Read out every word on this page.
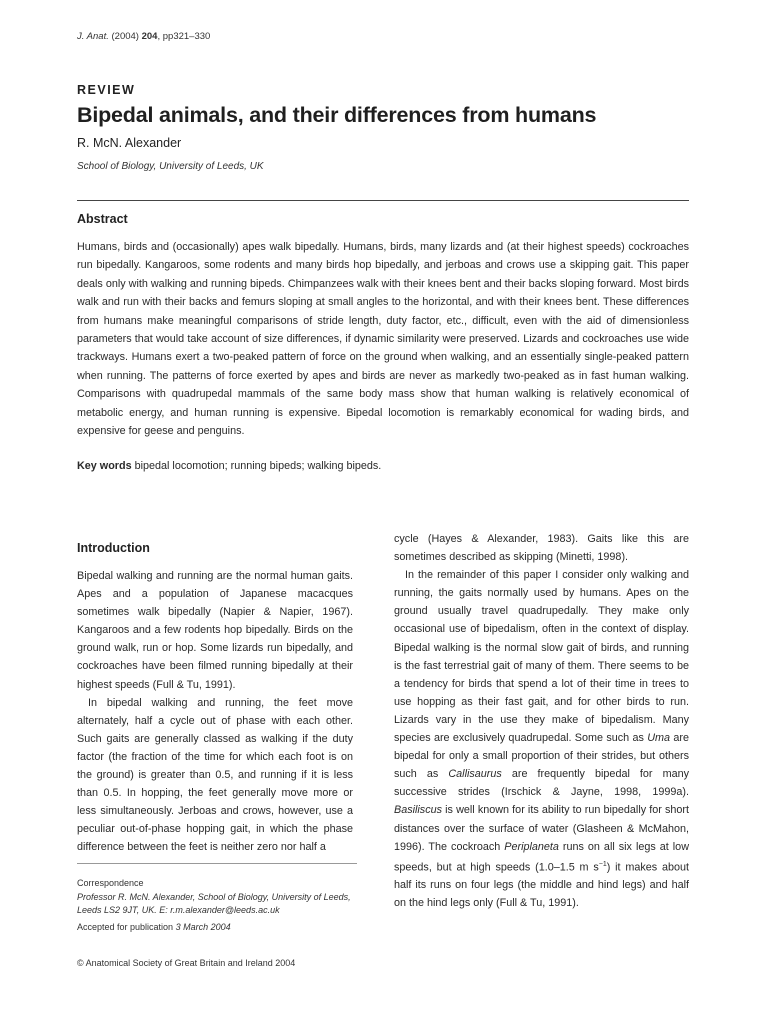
J. Anat. (2004) 204, pp321–330
REVIEW
Bipedal animals, and their differences from humans
R. McN. Alexander
School of Biology, University of Leeds, UK
Abstract
Humans, birds and (occasionally) apes walk bipedally. Humans, birds, many lizards and (at their highest speeds) cockroaches run bipedally. Kangaroos, some rodents and many birds hop bipedally, and jerboas and crows use a skipping gait. This paper deals only with walking and running bipeds. Chimpanzees walk with their knees bent and their backs sloping forward. Most birds walk and run with their backs and femurs sloping at small angles to the horizontal, and with their knees bent. These differences from humans make meaningful comparisons of stride length, duty factor, etc., difficult, even with the aid of dimensionless parameters that would take account of size differences, if dynamic similarity were preserved. Lizards and cockroaches use wide trackways. Humans exert a two-peaked pattern of force on the ground when walking, and an essentially single-peaked pattern when running. The patterns of force exerted by apes and birds are never as markedly two-peaked as in fast human walking. Comparisons with quadrupedal mammals of the same body mass show that human walking is relatively economical of metabolic energy, and human running is expensive. Bipedal locomotion is remarkably economical for wading birds, and expensive for geese and penguins.
Key words bipedal locomotion; running bipeds; walking bipeds.
Introduction

Bipedal walking and running are the normal human gaits. Apes and a population of Japanese macacques sometimes walk bipedally (Napier & Napier, 1967). Kangaroos and a few rodents hop bipedally. Birds on the ground walk, run or hop. Some lizards run bipedally, and cockroaches have been filmed running bipedally at their highest speeds (Full & Tu, 1991).

In bipedal walking and running, the feet move alternately, half a cycle out of phase with each other. Such gaits are generally classed as walking if the duty factor (the fraction of the time for which each foot is on the ground) is greater than 0.5, and running if it is less than 0.5. In hopping, the feet generally move more or less simultaneously. Jerboas and crows, however, use a peculiar out-of-phase hopping gait, in which the phase difference between the feet is neither zero nor half a

cycle (Hayes & Alexander, 1983). Gaits like this are sometimes described as skipping (Minetti, 1998).

In the remainder of this paper I consider only walking and running, the gaits normally used by humans. Apes on the ground usually travel quadrupedally. They make only occasional use of bipedalism, often in the context of display. Bipedal walking is the normal slow gait of birds, and running is the fast terrestrial gait of many of them. There seems to be a tendency for birds that spend a lot of their time in trees to use hopping as their fast gait, and for other birds to run. Lizards vary in the use they make of bipedalism. Many species are exclusively quadrupedal. Some such as Uma are bipedal for only a small proportion of their strides, but others such as Callisaurus are frequently bipedal for many successive strides (Irschick & Jayne, 1998, 1999a). Basiliscus is well known for its ability to run bipedally for short distances over the surface of water (Glasheen & McMahon, 1996). The cockroach Periplaneta runs on all six legs at low speeds, but at high speeds (1.0–1.5 m $s^{-1}$) it makes about half its runs on four legs (the middle and hind legs) and half on the hind legs only (Full & Tu, 1991).

Correspondence
Professor R. McN. Alexander, School of Biology, University of Leeds,
Leeds LS2 9JT, UK. E: r.m.alexander@leeds.ac.uk
Accepted for publication 3 March 2004
© Anatomical Society of Great Britain and Ireland 2004
